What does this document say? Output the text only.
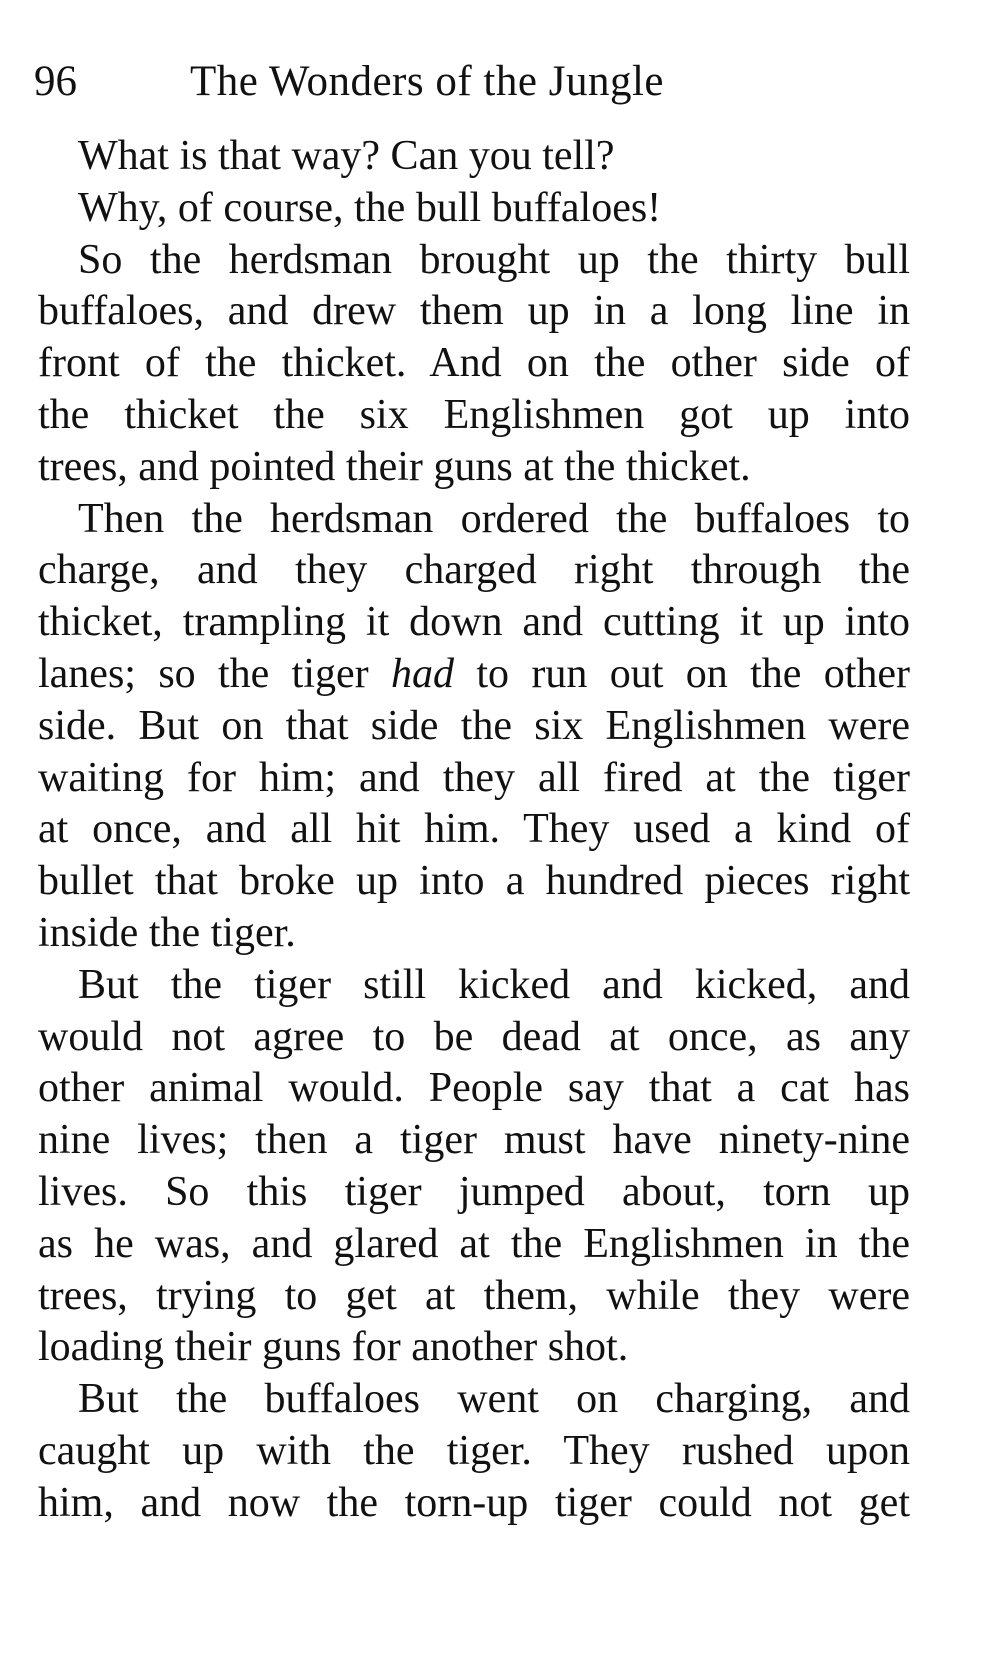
96	The Wonders of the Jungle
What is that way? Can you tell?
Why, of course, the bull buffaloes!
So the herdsman brought up the thirty bull
buffaloes, and drew them up in a long line in
front of the thicket. And on the other side of
the thicket the six Englishmen got up into
trees, and pointed their guns at the thicket.
Then the herdsman ordered the buffaloes to
charge, and they charged right through the
thicket, trampling it down and cutting it up into
lanes; so the tiger had to run out on the other
side. But on that side the six Englishmen were
waiting for him; and they all fired at the tiger
at once, and all hit him. They used a kind of
bullet that broke up into a hundred pieces right
inside the tiger.
But the tiger still kicked and kicked, and
would not agree to be dead at once, as any
other animal would. People say that a cat has
nine lives; then a tiger must have ninety-nine
lives. So this tiger jumped about, torn up
as he was, and glared at the Englishmen in the
trees, trying to get at them, while they were
loading their guns for another shot.
But the buffaloes went on charging, and
caught up with the tiger. They rushed upon
him, and now the torn-up tiger could not get
